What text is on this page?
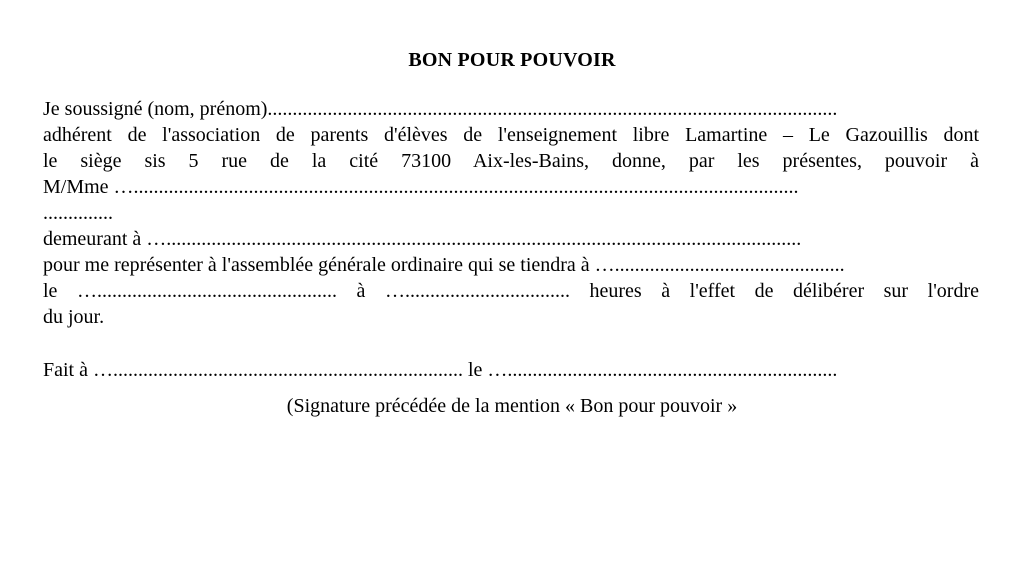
BON POUR POUVOIR
Je soussigné (nom, prénom)..................................................................................................................
adhérent de l'association de parents d'élèves de l'enseignement libre Lamartine – Le Gazouillis dont
le siège sis 5 rue de la cité 73100 Aix-les-Bains, donne, par les présentes, pouvoir à
M/Mme ….....................................................................................................................................
..............
demeurant à …...............................................................................................................................
pour me représenter à l'assemblée générale ordinaire qui se tiendra à …..............................................
le …................................................ à …................................. heures à l'effet de délibérer sur l'ordre
du jour.
Fait à …...................................................................... le …..................................................................
(Signature précédée de la mention « Bon pour pouvoir »
